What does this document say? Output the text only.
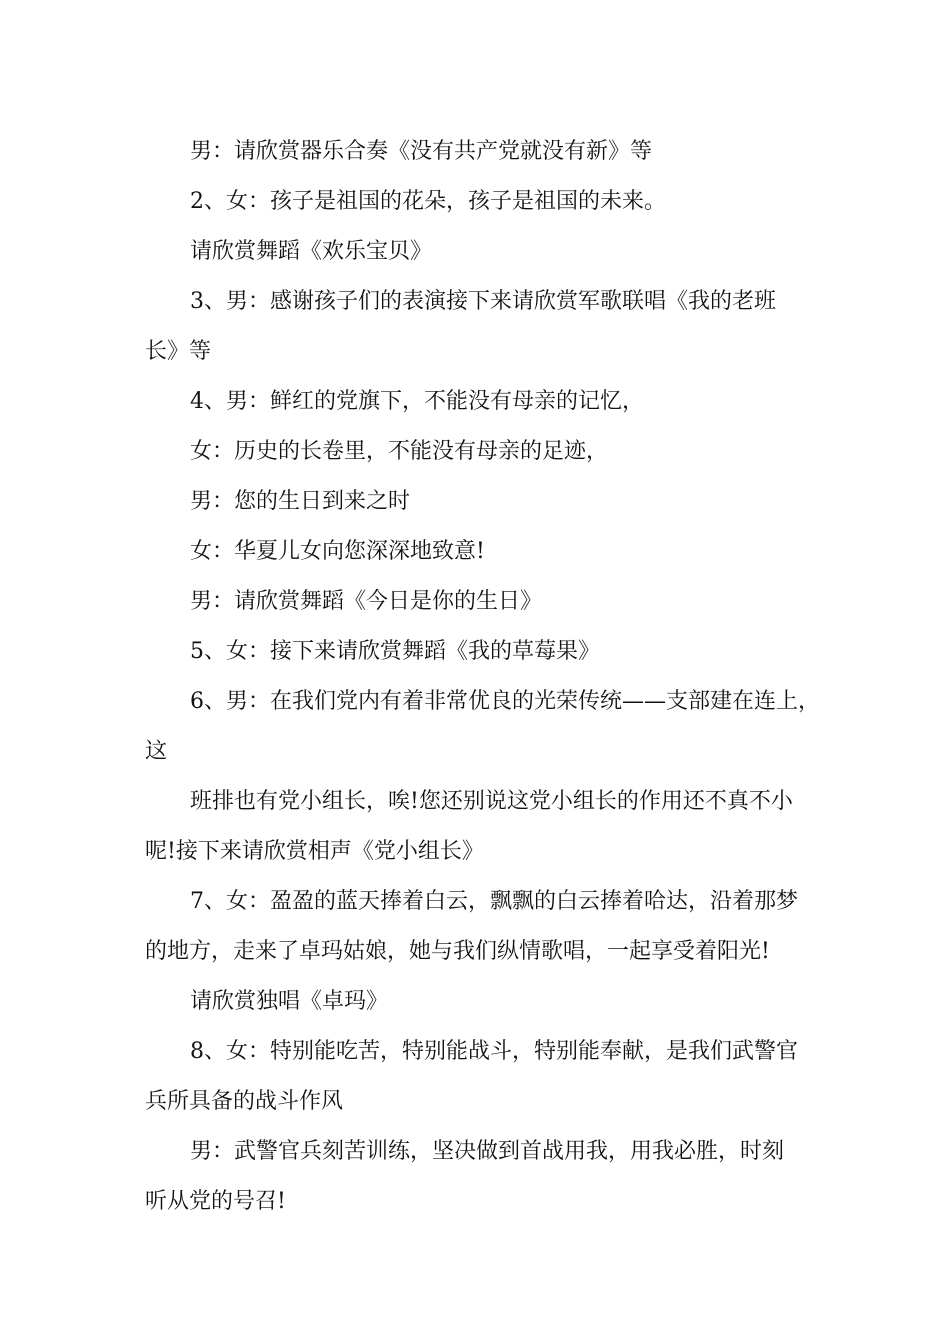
男：请欣赏器乐合奏《没有共产党就没有新》等
2、女：孩子是祖国的花朵，孩子是祖国的未来。
请欣赏舞蹈《欢乐宝贝》
3、男：感谢孩子们的表演接下来请欣赏军歌联唱《我的老班
长》等
4、男：鲜红的党旗下，不能没有母亲的记忆，
女：历史的长卷里，不能没有母亲的足迹，
男：您的生日到来之时
女：华夏儿女向您深深地致意!
男：请欣赏舞蹈《今日是你的生日》
5、女：接下来请欣赏舞蹈《我的草莓果》
6、男：在我们党内有着非常优良的光荣传统——支部建在连上，
这
班排也有党小组长，唉!您还别说这党小组长的作用还不真不小
呢!接下来请欣赏相声《党小组长》
7、女：盈盈的蓝天捧着白云，飘飘的白云捧着哈达，沿着那梦
的地方，走来了卓玛姑娘，她与我们纵情歌唱，一起享受着阳光!
请欣赏独唱《卓玛》
8、女：特别能吃苦，特别能战斗，特别能奉献，是我们武警官
兵所具备的战斗作风
男：武警官兵刻苦训练，坚决做到首战用我，用我必胜，时刻
听从党的号召!
